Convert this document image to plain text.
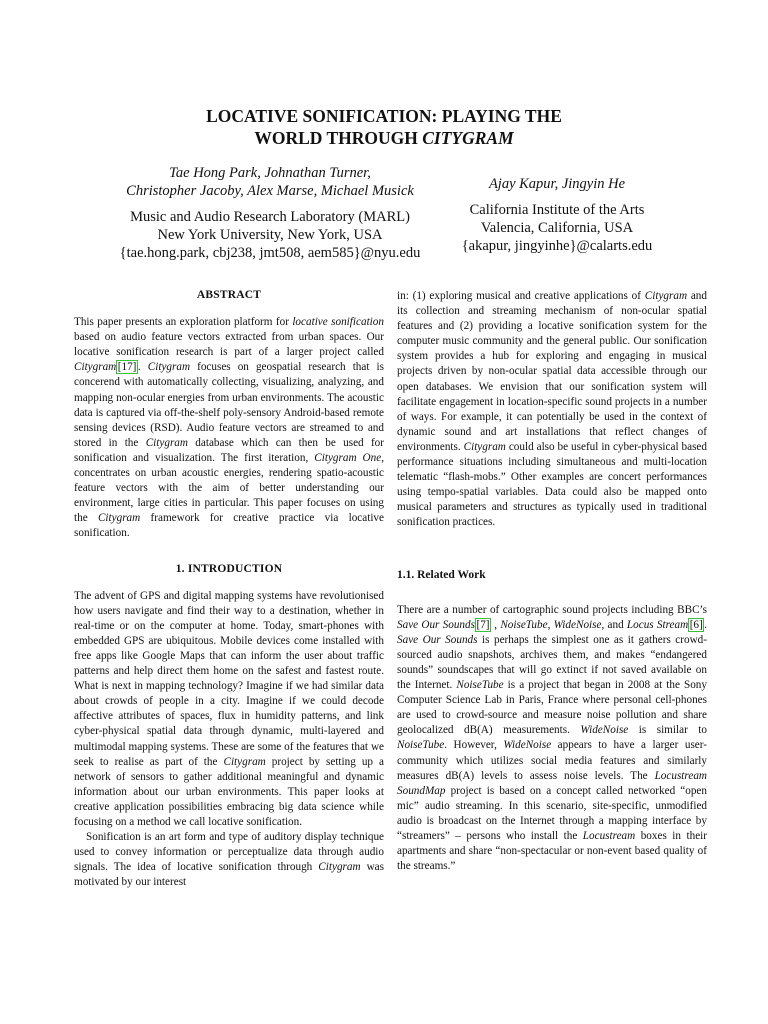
LOCATIVE SONIFICATION: PLAYING THE
WORLD THROUGH CITYGRAM
Tae Hong Park, Johnathan Turner,
Christopher Jacoby, Alex Marse, Michael Musick
Music and Audio Research Laboratory (MARL)
New York University, New York, USA
{tae.hong.park, cbj238, jmt508, aem585}@nyu.edu
Ajay Kapur, Jingyin He
California Institute of the Arts
Valencia, California, USA
{akapur, jingyinhe}@calarts.edu
ABSTRACT

This paper presents an exploration platform for locative sonification based on audio feature vectors extracted from urban spaces. Our locative sonification research is part of a larger project called Citygram [17] . Citygram focuses on geospatial research that is concerend with automatically collecting, visualizing, analyzing, and mapping non-ocular energies from urban environments. The acoustic data is captured via off-the-shelf poly-sensory Android-based remote sensing devices (RSD). Audio feature vectors are streamed to and stored in the Citygram database which can then be used for sonification and visualization. The first iteration, Citygram One, concentrates on urban acoustic energies, rendering spatio-acoustic feature vectors with the aim of better understanding our environment, large cities in particular. This paper focuses on using the Citygram framework for creative practice via locative sonification.

1. INTRODUCTION

The advent of GPS and digital mapping systems have revolutionised how users navigate and find their way to a destination, whether in real-time or on the computer at home. Today, smart-phones with embedded GPS are ubiquitous. Mobile devices come installed with free apps like Google Maps that can inform the user about traffic patterns and help direct them home on the safest and fastest route. What is next in mapping technology? Imagine if we had similar data about crowds of people in a city. Imagine if we could decode affective attributes of spaces, flux in humidity patterns, and link cyber-physical spatial data through dynamic, multi-layered and multimodal mapping systems. These are some of the features that we seek to realise as part of the Citygram project by setting up a network of sensors to gather additional meaningful and dynamic information about our urban environments. This paper looks at creative application possibilities embracing big data science while focusing on a method we call locative sonification.

Sonification is an art form and type of auditory display technique used to convey information or perceptualize data through audio signals. The idea of locative sonification through Citygram was motivated by our interest

in: (1) exploring musical and creative applications of Citygram and its collection and streaming mechanism of non-ocular spatial features and (2) providing a locative sonification system for the computer music community and the general public. Our sonification system provides a hub for exploring and engaging in musical projects driven by non-ocular spatial data accessible through our open databases. We envision that our sonification system will facilitate engagement in location-specific sound projects in a number of ways. For example, it can potentially be used in the context of dynamic sound and art installations that reflect changes of environments. Citygram could also be useful in cyber-physical based performance situations including simultaneous and multi-location telematic “flash-mobs.” Other examples are concert performances using tempo-spatial variables. Data could also be mapped onto musical parameters and structures as typically used in traditional sonification practices.

1.1. Related Work

There are a number of cartographic sound projects including BBC’s Save Our Sounds [7] , NoiseTube, WideNoise, and Locus Stream [6] . Save Our Sounds is perhaps the simplest one as it gathers crowd-sourced audio snapshots, archives them, and makes “endangered sounds” soundscapes that will go extinct if not saved available on the Internet. NoiseTube is a project that began in 2008 at the Sony Computer Science Lab in Paris, France where personal cell-phones are used to crowd-source and measure noise pollution and share geolocalized dB(A) measurements. WideNoise is similar to NoiseTube. However, WideNoise appears to have a larger user-community which utilizes social media features and similarly measures dB(A) levels to assess noise levels. The Locustream SoundMap project is based on a concept called networked “open mic” audio streaming. In this scenario, site-specific, unmodified audio is broadcast on the Internet through a mapping interface by “streamers” – persons who install the Locustream boxes in their apartments and share “non-spectacular or non-event based quality of the streams.”
